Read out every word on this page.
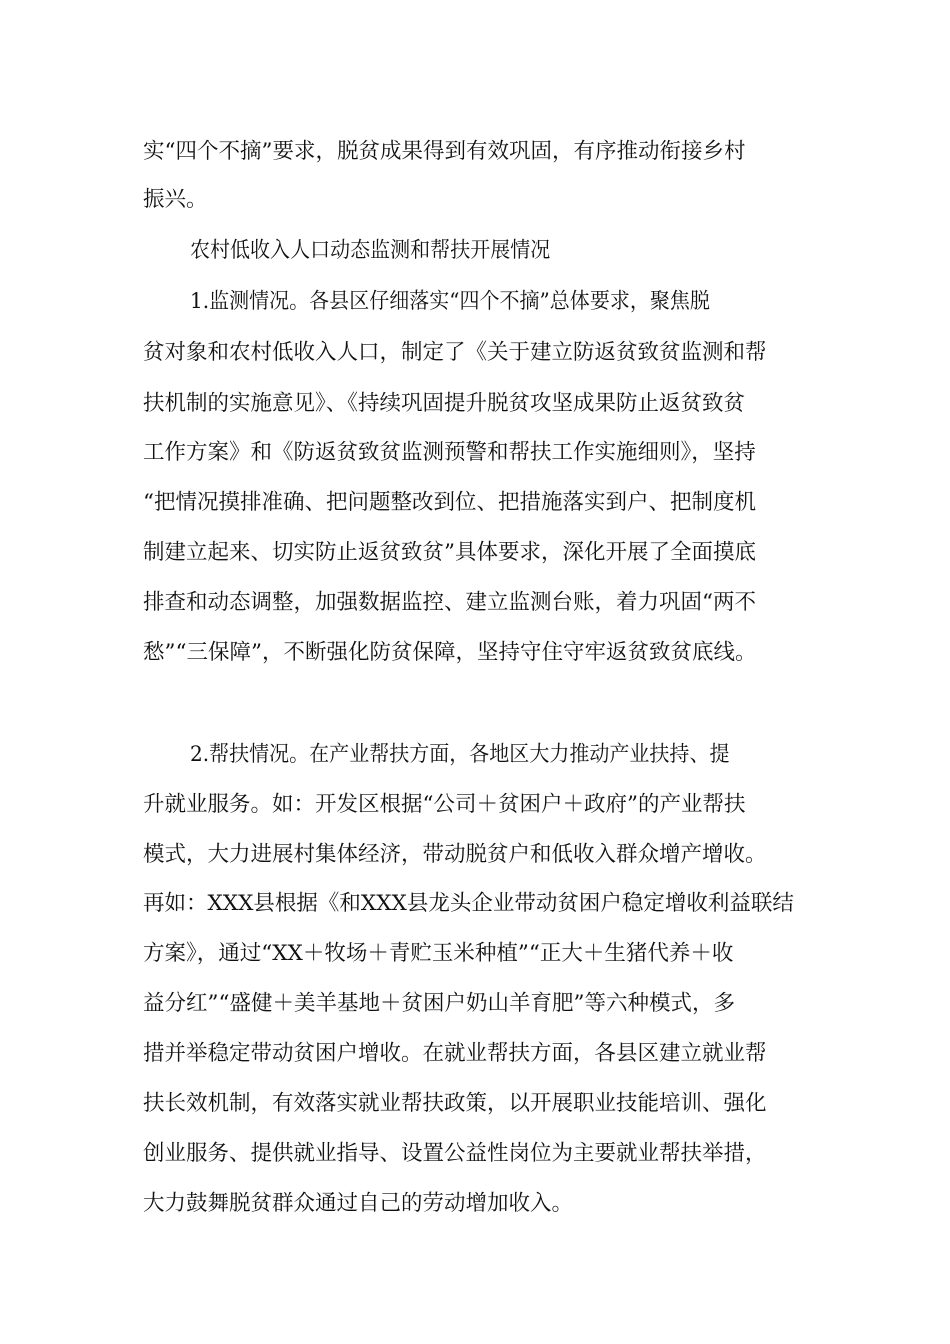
实“四个不摘”要求，脱贫成果得到有效巩固，有序推动衔接乡村
振兴。
农村低收入人口动态监测和帮扶开展情况
1.监测情况。各县区仔细落实“四个不摘”总体要求，聚焦脱
贫对象和农村低收入人口，制定了《关于建立防返贫致贫监测和帮
扶机制的实施意见》、《持续巩固提升脱贫攻坚成果防止返贫致贫
工作方案》和《防返贫致贫监测预警和帮扶工作实施细则》，坚持
“把情况摸排准确、把问题整改到位、把措施落实到户、把制度机
制建立起来、切实防止返贫致贫”具体要求，深化开展了全面摸底
排查和动态调整，加强数据监控、建立监测台账，着力巩固“两不
愁”“三保障”，不断强化防贫保障，坚持守住守牢返贫致贫底线。
2.帮扶情况。在产业帮扶方面，各地区大力推动产业扶持、提
升就业服务。如：开发区根据“公司＋贫困户＋政府”的产业帮扶
模式，大力进展村集体经济，带动脱贫户和低收入群众增产增收。
再如：XXX县根据《和XXX县龙头企业带动贫困户稳定增收利益联结
方案》，通过“XX＋牧场＋青贮玉米种植”“正大＋生猪代养＋收
益分红”“盛健＋美羊基地＋贫困户奶山羊育肥”等六种模式，多
措并举稳定带动贫困户增收。在就业帮扶方面，各县区建立就业帮
扶长效机制，有效落实就业帮扶政策，以开展职业技能培训、强化
创业服务、提供就业指导、设置公益性岗位为主要就业帮扶举措，
大力鼓舞脱贫群众通过自己的劳动增加收入。
